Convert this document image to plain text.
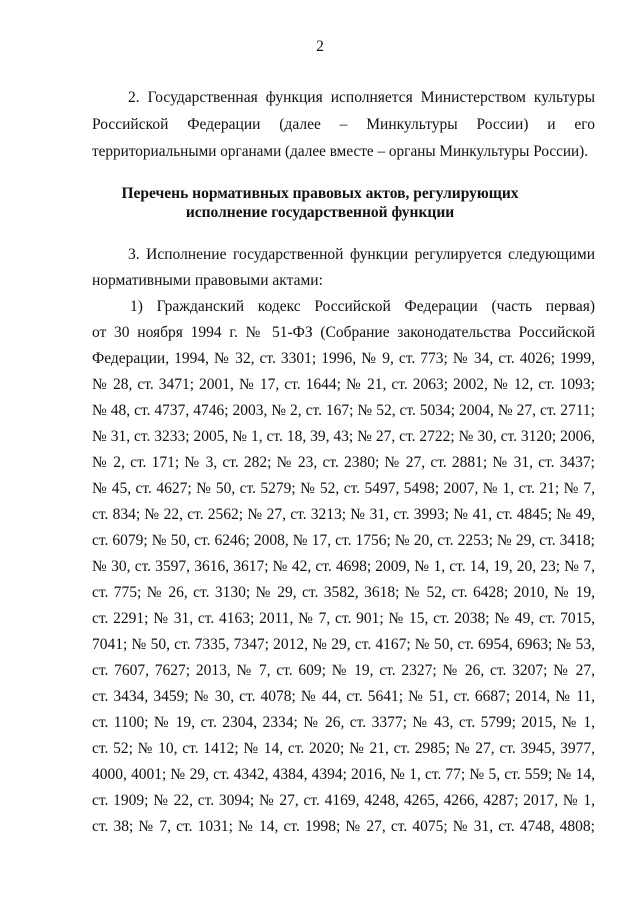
2
2. Государственная функция исполняется Министерством культуры
Российской Федерации (далее – Минкультуры России) и его
территориальными органами (далее вместе – органы Минкультуры России).
Перечень нормативных правовых актов, регулирующих
исполнение государственной функции
3. Исполнение государственной функции регулируется следующими
нормативными правовыми актами:
1) Гражданский кодекс Российской Федерации (часть первая)
от 30 ноября 1994 г. № 51-ФЗ (Собрание законодательства Российской
Федерации, 1994, № 32, ст. 3301; 1996, № 9, ст. 773; № 34, ст. 4026; 1999,
№ 28, ст. 3471; 2001, № 17, ст. 1644; № 21, ст. 2063; 2002, № 12, ст. 1093;
№ 48, ст. 4737, 4746; 2003, № 2, ст. 167; № 52, ст. 5034; 2004, № 27, ст. 2711;
№ 31, ст. 3233; 2005, № 1, ст. 18, 39, 43; № 27, ст. 2722; № 30, ст. 3120; 2006,
№ 2, ст. 171; № 3, ст. 282; № 23, ст. 2380; № 27, ст. 2881; № 31, ст. 3437;
№ 45, ст. 4627; № 50, ст. 5279; № 52, ст. 5497, 5498; 2007, № 1, ст. 21; № 7,
ст. 834; № 22, ст. 2562; № 27, ст. 3213; № 31, ст. 3993; № 41, ст. 4845; № 49,
ст. 6079; № 50, ст. 6246; 2008, № 17, ст. 1756; № 20, ст. 2253; № 29, ст. 3418;
№ 30, ст. 3597, 3616, 3617; № 42, ст. 4698; 2009, № 1, ст. 14, 19, 20, 23; № 7,
ст. 775; № 26, ст. 3130; № 29, ст. 3582, 3618; № 52, ст. 6428; 2010, № 19,
ст. 2291; № 31, ст. 4163; 2011, № 7, ст. 901; № 15, ст. 2038; № 49, ст. 7015,
7041; № 50, ст. 7335, 7347; 2012, № 29, ст. 4167; № 50, ст. 6954, 6963; № 53,
ст. 7607, 7627; 2013, № 7, ст. 609; № 19, ст. 2327; № 26, ст. 3207; № 27,
ст. 3434, 3459; № 30, ст. 4078; № 44, ст. 5641; № 51, ст. 6687; 2014, № 11,
ст. 1100; № 19, ст. 2304, 2334; № 26, ст. 3377; № 43, ст. 5799; 2015, № 1,
ст. 52; № 10, ст. 1412; № 14, ст. 2020; № 21, ст. 2985; № 27, ст. 3945, 3977,
4000, 4001; № 29, ст. 4342, 4384, 4394; 2016, № 1, ст. 77; № 5, ст. 559; № 14,
ст. 1909; № 22, ст. 3094; № 27, ст. 4169, 4248, 4265, 4266, 4287; 2017, № 1,
ст. 38; № 7, ст. 1031; № 14, ст. 1998; № 27, ст. 4075; № 31, ст. 4748, 4808;
